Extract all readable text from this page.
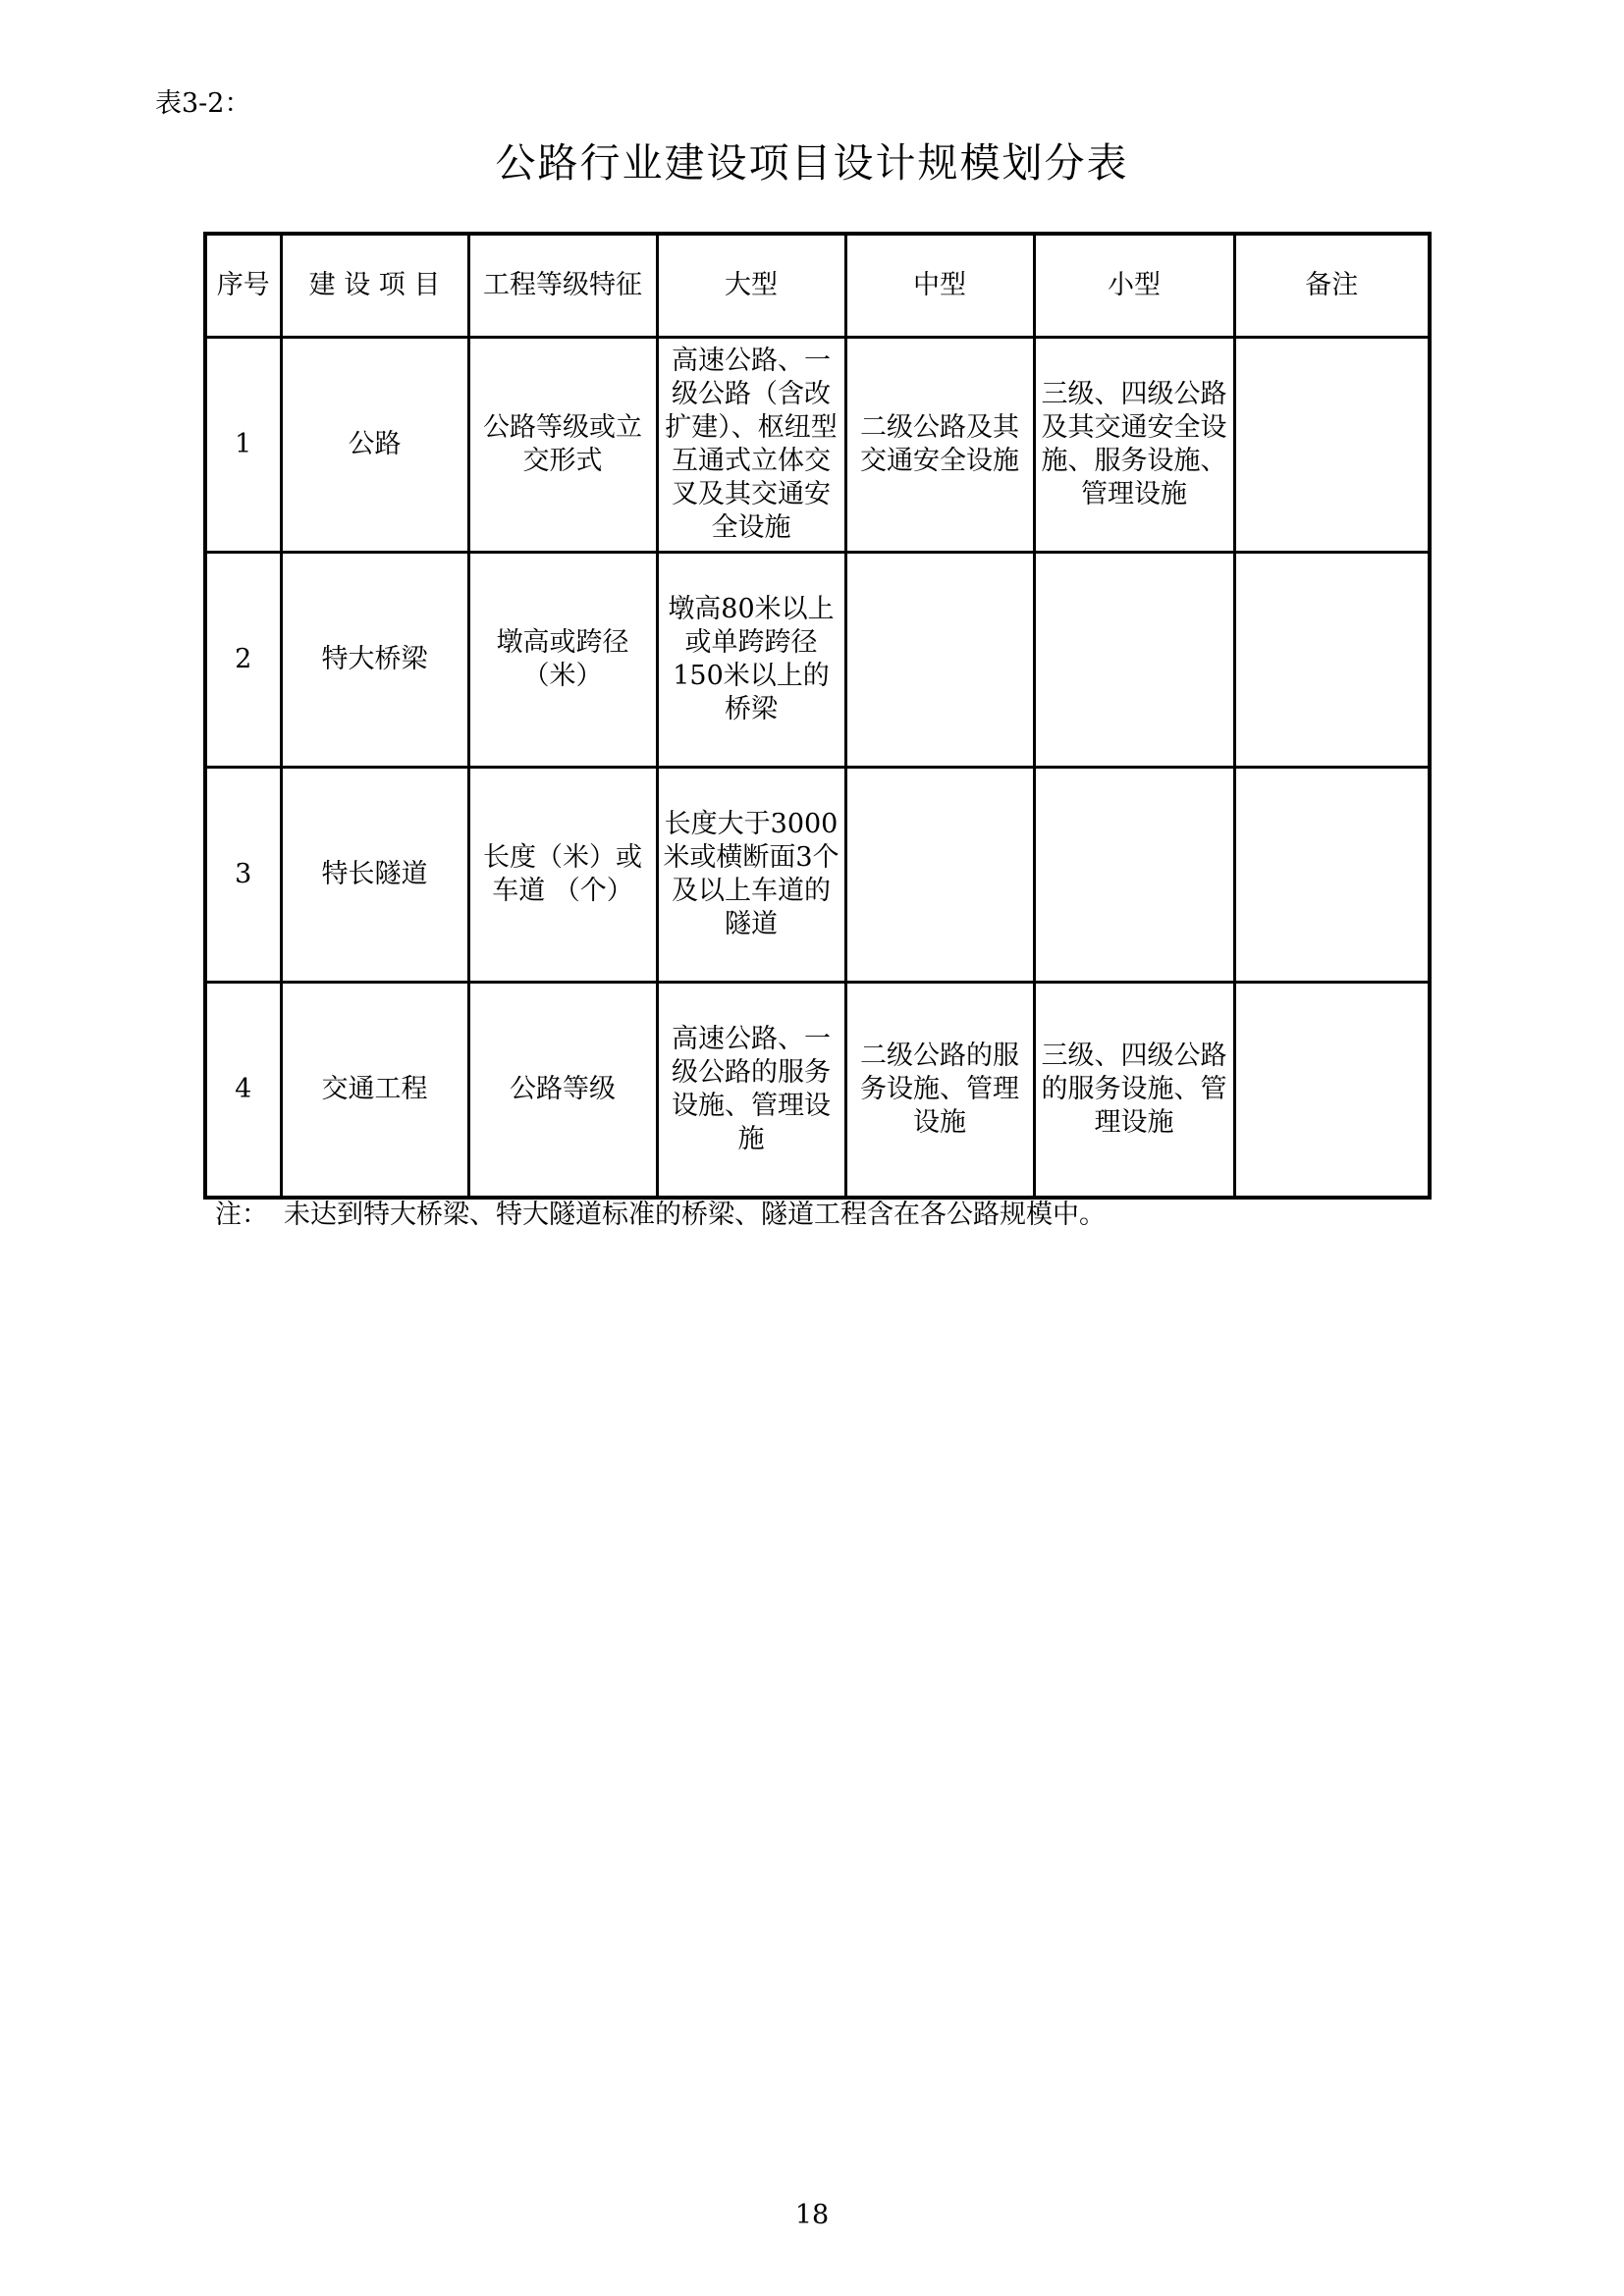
表3-2：
公路行业建设项目设计规模划分表
序号	建 设 项 目	工程等级特征	大型	中型	小型	备注
1	公路	公路等级或立交形式	高速公路、一级公路（含改扩建）、枢纽型互通式立体交叉及其交通安全设施	二级公路及其交通安全设施	三级、四级公路及其交通安全设施、服务设施、管理设施	
2	特大桥梁	墩高或跨径（米）	墩高80米以上或单跨跨径150米以上的桥梁			
3	特长隧道	长度（米）或车道 （个）	长度大于3000米或横断面3个及以上车道的隧道			
4	交通工程	公路等级	高速公路、一级公路的服务设施、管理设施	二级公路的服务设施、管理设施	三级、四级公路的服务设施、管理设施	
注： 未达到特大桥梁、特大隧道标准的桥梁、隧道工程含在各公路规模中。
18
